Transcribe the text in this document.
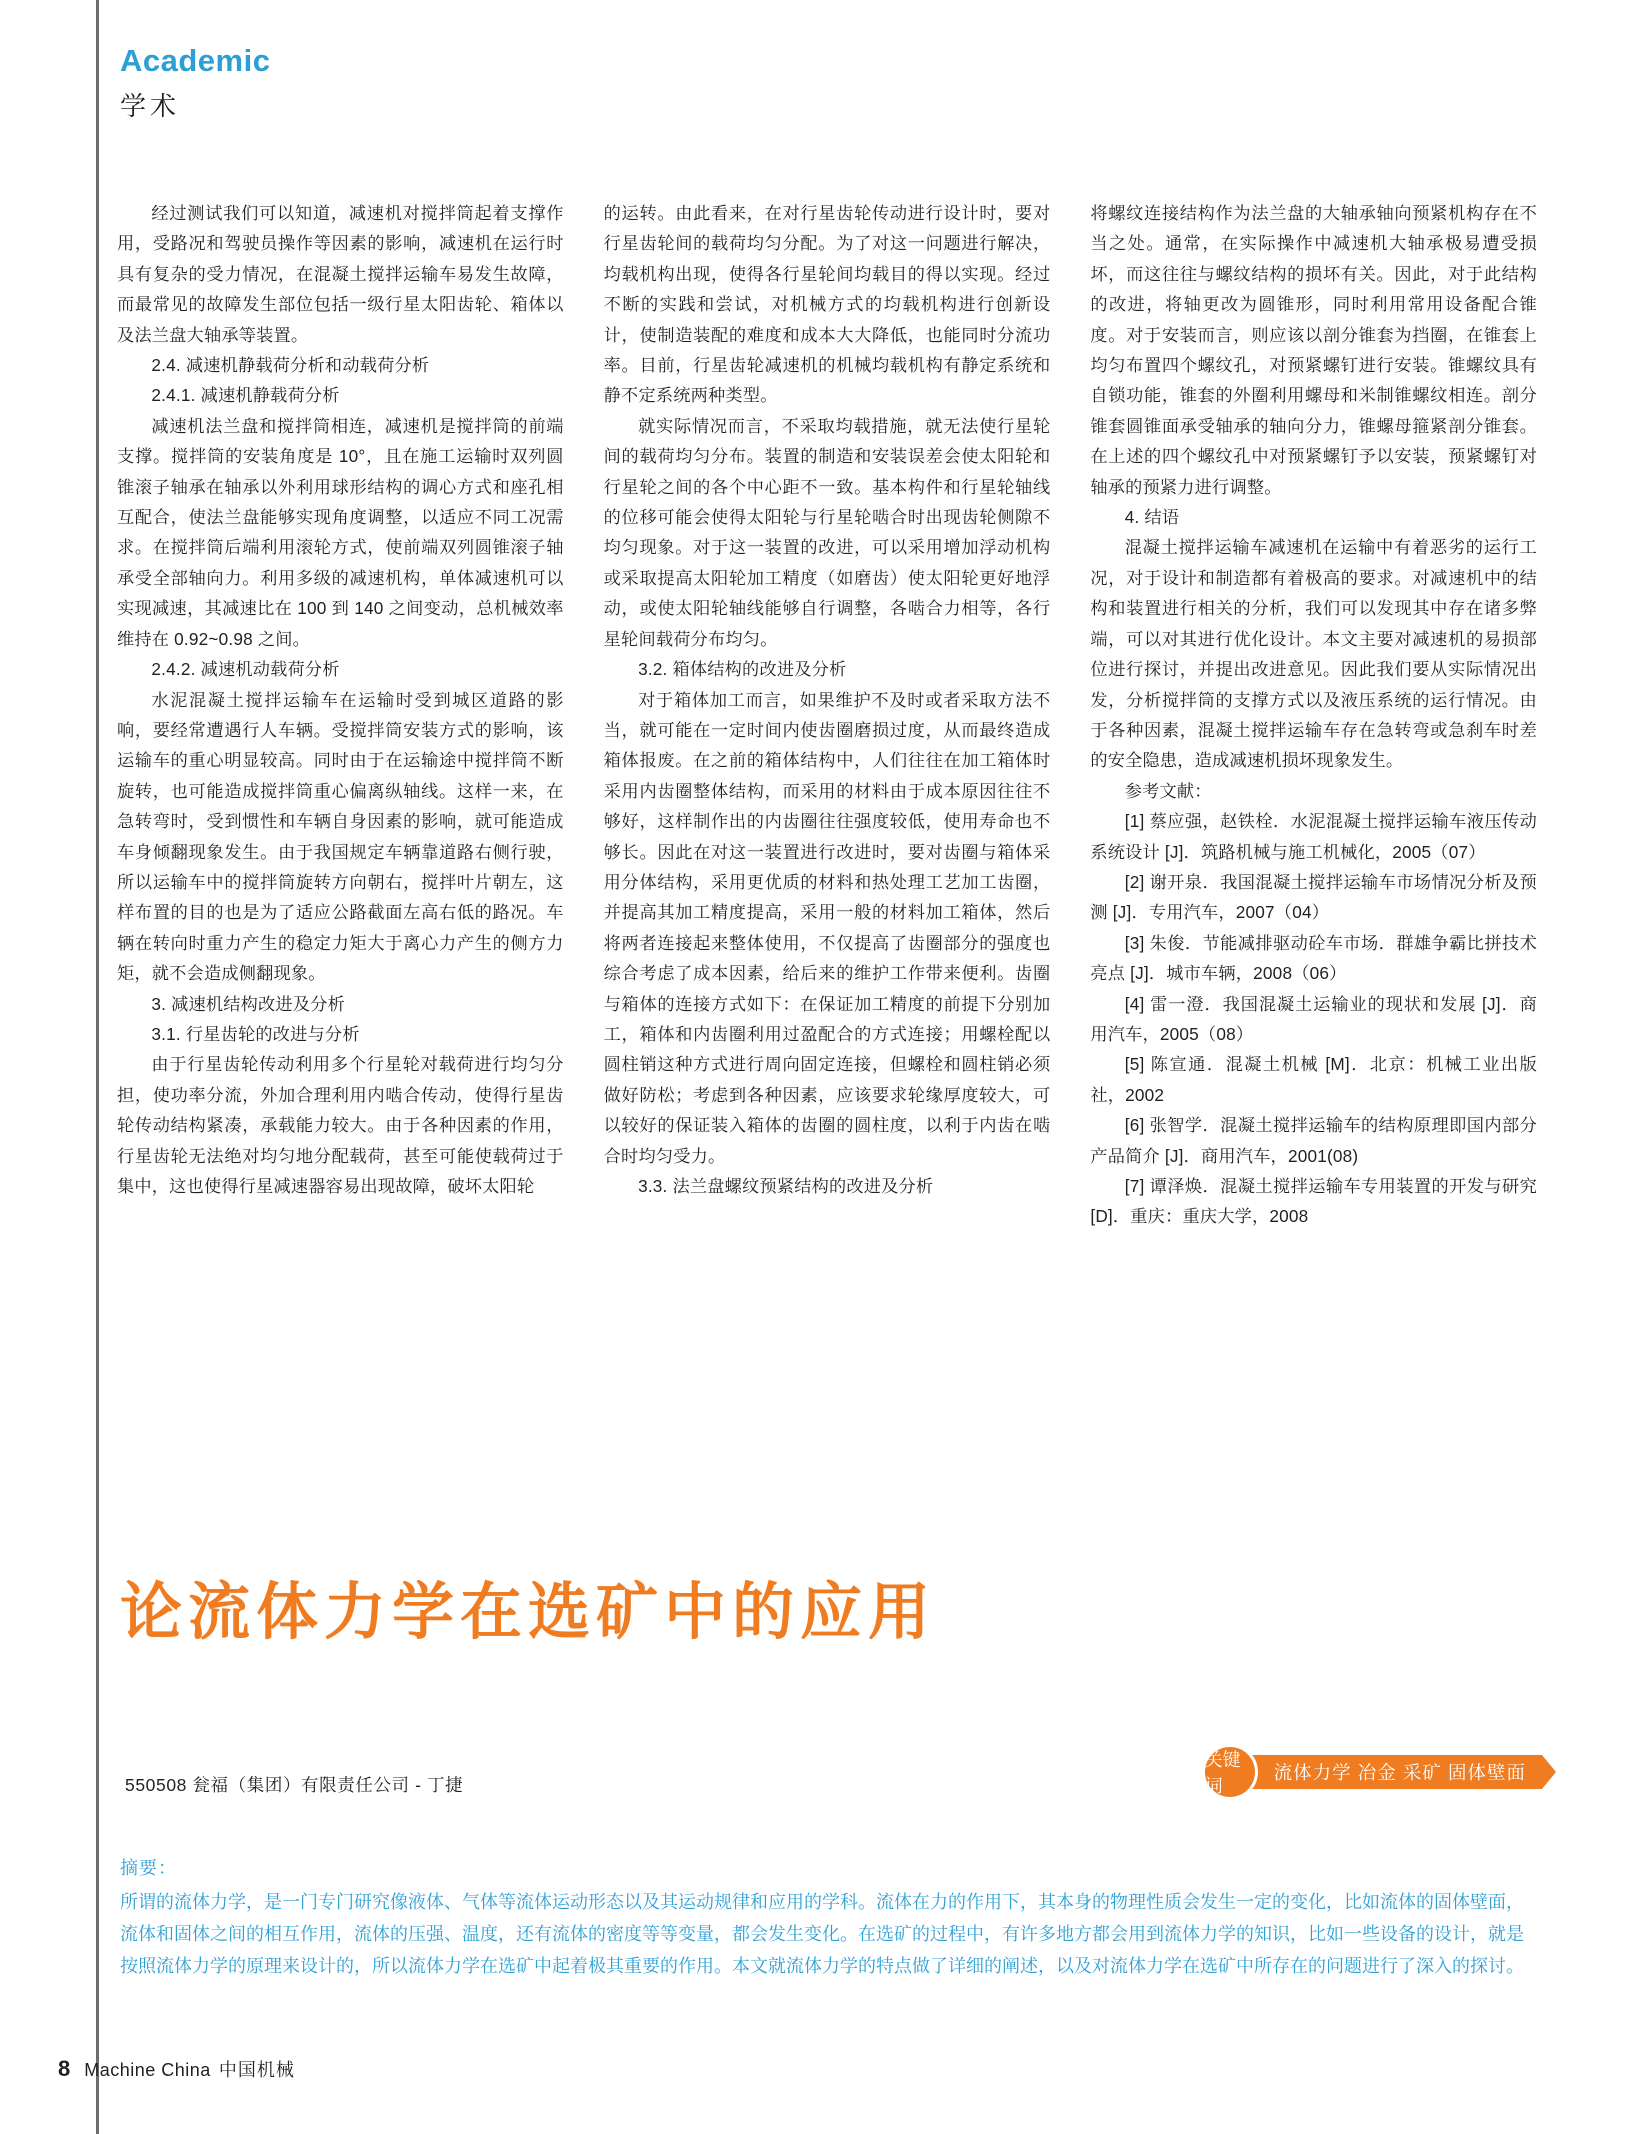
Academic
学术

经过测试我们可以知道，减速机对搅拌筒起着支撑作用，受路况和驾驶员操作等因素的影响，减速机在运行时具有复杂的受力情况，在混凝土搅拌运输车易发生故障，而最常见的故障发生部位包括一级行星太阳齿轮、箱体以及法兰盘大轴承等装置。

2.4. 减速机静载荷分析和动载荷分析

2.4.1. 减速机静载荷分析

减速机法兰盘和搅拌筒相连，减速机是搅拌筒的前端支撑。搅拌筒的安装角度是 10°，且在施工运输时双列圆锥滚子轴承在轴承以外利用球形结构的调心方式和座孔相互配合，使法兰盘能够实现角度调整，以适应不同工况需求。在搅拌筒后端利用滚轮方式，使前端双列圆锥滚子轴承受全部轴向力。利用多级的减速机构，单体减速机可以实现减速，其减速比在 100 到 140 之间变动，总机械效率维持在 0.92~0.98 之间。

2.4.2. 减速机动载荷分析

水泥混凝土搅拌运输车在运输时受到城区道路的影响，要经常遭遇行人车辆。受搅拌筒安装方式的影响，该运输车的重心明显较高。同时由于在运输途中搅拌筒不断旋转，也可能造成搅拌筒重心偏离纵轴线。这样一来，在急转弯时，受到惯性和车辆自身因素的影响，就可能造成车身倾翻现象发生。由于我国规定车辆靠道路右侧行驶，所以运输车中的搅拌筒旋转方向朝右，搅拌叶片朝左，这样布置的目的也是为了适应公路截面左高右低的路况。车辆在转向时重力产生的稳定力矩大于离心力产生的侧方力矩，就不会造成侧翻现象。

3. 减速机结构改进及分析

3.1. 行星齿轮的改进与分析

由于行星齿轮传动利用多个行星轮对载荷进行均匀分担，使功率分流，外加合理利用内啮合传动，使得行星齿轮传动结构紧凑，承载能力较大。由于各种因素的作用，行星齿轮无法绝对均匀地分配载荷，甚至可能使载荷过于集中，这也使得行星减速器容易出现故障，破坏太阳轮

的运转。由此看来，在对行星齿轮传动进行设计时，要对行星齿轮间的载荷均匀分配。为了对这一问题进行解决，均载机构出现，使得各行星轮间均载目的得以实现。经过不断的实践和尝试，对机械方式的均载机构进行创新设计，使制造装配的难度和成本大大降低，也能同时分流功率。目前，行星齿轮减速机的机械均载机构有静定系统和静不定系统两种类型。

就实际情况而言，不采取均载措施，就无法使行星轮间的载荷均匀分布。装置的制造和安装误差会使太阳轮和行星轮之间的各个中心距不一致。基本构件和行星轮轴线的位移可能会使得太阳轮与行星轮啮合时出现齿轮侧隙不均匀现象。对于这一装置的改进，可以采用增加浮动机构或采取提高太阳轮加工精度（如磨齿）使太阳轮更好地浮动，或使太阳轮轴线能够自行调整，各啮合力相等，各行星轮间载荷分布均匀。

3.2. 箱体结构的改进及分析

对于箱体加工而言，如果维护不及时或者采取方法不当，就可能在一定时间内使齿圈磨损过度，从而最终造成箱体报废。在之前的箱体结构中，人们往往在加工箱体时采用内齿圈整体结构，而采用的材料由于成本原因往往不够好，这样制作出的内齿圈往往强度较低，使用寿命也不够长。因此在对这一装置进行改进时，要对齿圈与箱体采用分体结构，采用更优质的材料和热处理工艺加工齿圈，并提高其加工精度提高，采用一般的材料加工箱体，然后将两者连接起来整体使用，不仅提高了齿圈部分的强度也综合考虑了成本因素，给后来的维护工作带来便利。齿圈与箱体的连接方式如下：在保证加工精度的前提下分别加工，箱体和内齿圈利用过盈配合的方式连接；用螺栓配以圆柱销这种方式进行周向固定连接，但螺栓和圆柱销必须做好防松；考虑到各种因素，应该要求轮缘厚度较大，可以较好的保证装入箱体的齿圈的圆柱度，以利于内齿在啮合时均匀受力。

3.3. 法兰盘螺纹预紧结构的改进及分析

将螺纹连接结构作为法兰盘的大轴承轴向预紧机构存在不当之处。通常，在实际操作中减速机大轴承极易遭受损坏，而这往往与螺纹结构的损坏有关。因此，对于此结构的改进，将轴更改为圆锥形，同时利用常用设备配合锥度。对于安装而言，则应该以剖分锥套为挡圈，在锥套上均匀布置四个螺纹孔，对预紧螺钉进行安装。锥螺纹具有自锁功能，锥套的外圈利用螺母和米制锥螺纹相连。剖分锥套圆锥面承受轴承的轴向分力，锥螺母箍紧剖分锥套。在上述的四个螺纹孔中对预紧螺钉予以安装，预紧螺钉对轴承的预紧力进行调整。

4. 结语

混凝土搅拌运输车减速机在运输中有着恶劣的运行工况，对于设计和制造都有着极高的要求。对减速机中的结构和装置进行相关的分析，我们可以发现其中存在诸多弊端，可以对其进行优化设计。本文主要对减速机的易损部位进行探讨，并提出改进意见。因此我们要从实际情况出发，分析搅拌筒的支撑方式以及液压系统的运行情况。由于各种因素，混凝土搅拌运输车存在急转弯或急刹车时差的安全隐患，造成减速机损坏现象发生。

参考文献：

[1] 蔡应强，赵铁栓．水泥混凝土搅拌运输车液压传动系统设计 [J]．筑路机械与施工机械化，2005（07）

[2] 谢开泉．我国混凝土搅拌运输车市场情况分析及预测 [J]．专用汽车，2007（04）

[3] 朱俊．节能减排驱动砼车市场．群雄争霸比拼技术亮点 [J]．城市车辆，2008（06）

[4] 雷一澄．我国混凝土运输业的现状和发展 [J]．商用汽车，2005（08）

[5] 陈宣通．混凝土机械 [M]．北京：机械工业出版社，2002

[6] 张智学．混凝土搅拌运输车的结构原理即国内部分产品简介 [J]．商用汽车，2001(08)

[7] 谭泽焕．混凝土搅拌运输车专用装置的开发与研究 [D]．重庆：重庆大学，2008

论流体力学在选矿中的应用
550508 瓮福（集团）有限责任公司 - 丁捷
关键词
流体力学 冶金 采矿 固体壁面
摘要：
所谓的流体力学，是一门专门研究像液体、气体等流体运动形态以及其运动规律和应用的学科。流体在力的作用下，其本身的物理性质会发生一定的变化，比如流体的固体壁面，流体和固体之间的相互作用，流体的压强、温度，还有流体的密度等等变量，都会发生变化。在选矿的过程中，有许多地方都会用到流体力学的知识，比如一些设备的设计，就是按照流体力学的原理来设计的，所以流体力学在选矿中起着极其重要的作用。本文就流体力学的特点做了详细的阐述，以及对流体力学在选矿中所存在的问题进行了深入的探讨。
8 Machine China 中国机械
